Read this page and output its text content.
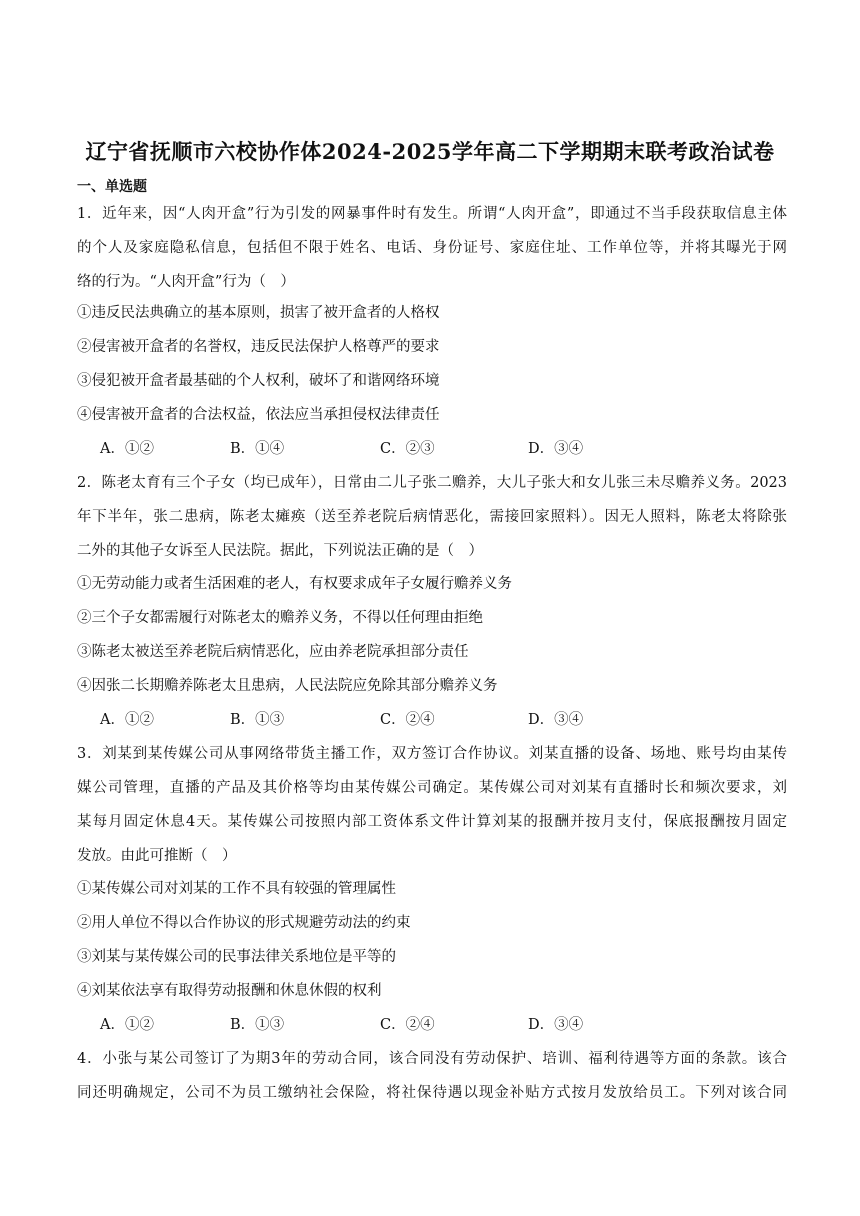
辽宁省抚顺市六校协作体2024-2025学年高二下学期期末联考政治试卷
一、单选题
1．近年来，因“人肉开盒”行为引发的网暴事件时有发生。所谓“人肉开盒”，即通过不当手段获取信息主体
的个人及家庭隐私信息，包括但不限于姓名、电话、身份证号、家庭住址、工作单位等，并将其曝光于网
络的行为。“人肉开盒”行为（　）
①违反民法典确立的基本原则，损害了被开盒者的人格权
②侵害被开盒者的名誉权，违反民法保护人格尊严的要求
③侵犯被开盒者最基础的个人权利，破坏了和谐网络环境
④侵害被开盒者的合法权益，依法应当承担侵权法律责任
A．①②	B．①④	C．②③	D．③④
2．陈老太育有三个子女（均已成年），日常由二儿子张二赡养，大儿子张大和女儿张三未尽赡养义务。2023
年下半年，张二患病，陈老太瘫痪（送至养老院后病情恶化，需接回家照料）。因无人照料，陈老太将除张
二外的其他子女诉至人民法院。据此，下列说法正确的是（　）
①无劳动能力或者生活困难的老人，有权要求成年子女履行赡养义务
②三个子女都需履行对陈老太的赡养义务，不得以任何理由拒绝
③陈老太被送至养老院后病情恶化，应由养老院承担部分责任
④因张二长期赡养陈老太且患病，人民法院应免除其部分赡养义务
A．①②	B．①③	C．②④	D．③④
3．刘某到某传媒公司从事网络带货主播工作，双方签订合作协议。刘某直播的设备、场地、账号均由某传
媒公司管理，直播的产品及其价格等均由某传媒公司确定。某传媒公司对刘某有直播时长和频次要求，刘
某每月固定休息4天。某传媒公司按照内部工资体系文件计算刘某的报酬并按月支付，保底报酬按月固定
发放。由此可推断（　）
①某传媒公司对刘某的工作不具有较强的管理属性
②用人单位不得以合作协议的形式规避劳动法的约束
③刘某与某传媒公司的民事法律关系地位是平等的
④刘某依法享有取得劳动报酬和休息休假的权利
A．①②	B．①③	C．②④	D．③④
4．小张与某公司签订了为期3年的劳动合同，该合同没有劳动保护、培训、福利待遇等方面的条款。该合
同还明确规定，公司不为员工缴纳社会保险，将社保待遇以现金补贴方式按月发放给员工。下列对该合同
